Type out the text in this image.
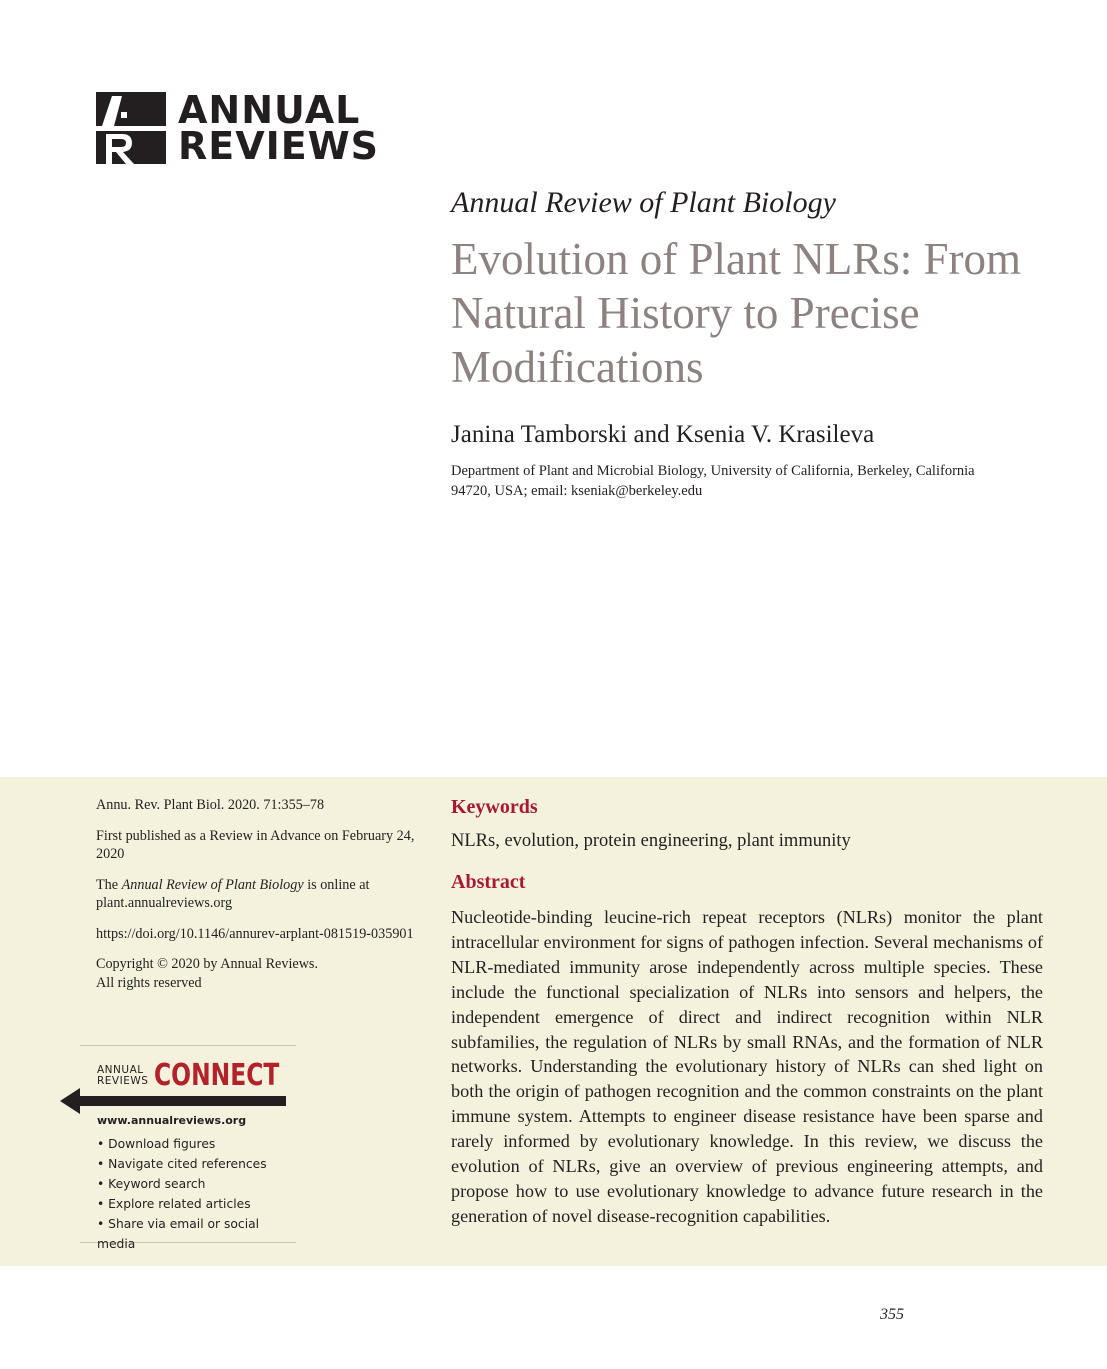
ANNUAL
REVIEWS
Annual Review of Plant Biology
Evolution of Plant NLRs: From Natural History to Precise Modifications
Janina Tamborski and Ksenia V. Krasileva
Department of Plant and Microbial Biology, University of California, Berkeley, California 94720, USA; email: kseniak@berkeley.edu

Annu. Rev. Plant Biol. 2020. 71:355–78

First published as a Review in Advance on February 24, 2020

The Annual Review of Plant Biology is online at plant.annualreviews.org

https://doi.org/10.1146/annurev-arplant-081519-035901

Copyright © 2020 by Annual Reviews.
All rights reserved

ANNUAL
REVIEWS CONNECT
www.annualreviews.org
• Download figures
• Navigate cited references
• Keyword search
• Explore related articles
• Share via email or social media
Keywords
NLRs, evolution, protein engineering, plant immunity
Abstract
Nucleotide-binding leucine-rich repeat receptors (NLRs) monitor the plant intracellular environment for signs of pathogen infection. Several mechanisms of NLR-mediated immunity arose independently across multiple species. These include the functional specialization of NLRs into sensors and helpers, the independent emergence of direct and indirect recognition within NLR subfamilies, the regulation of NLRs by small RNAs, and the formation of NLR networks. Understanding the evolutionary history of NLRs can shed light on both the origin of pathogen recognition and the common constraints on the plant immune system. Attempts to engineer disease resistance have been sparse and rarely informed by evolutionary knowledge. In this review, we discuss the evolution of NLRs, give an overview of previous engineering attempts, and propose how to use evolutionary knowledge to advance future research in the generation of novel disease-recognition capabilities.
355
